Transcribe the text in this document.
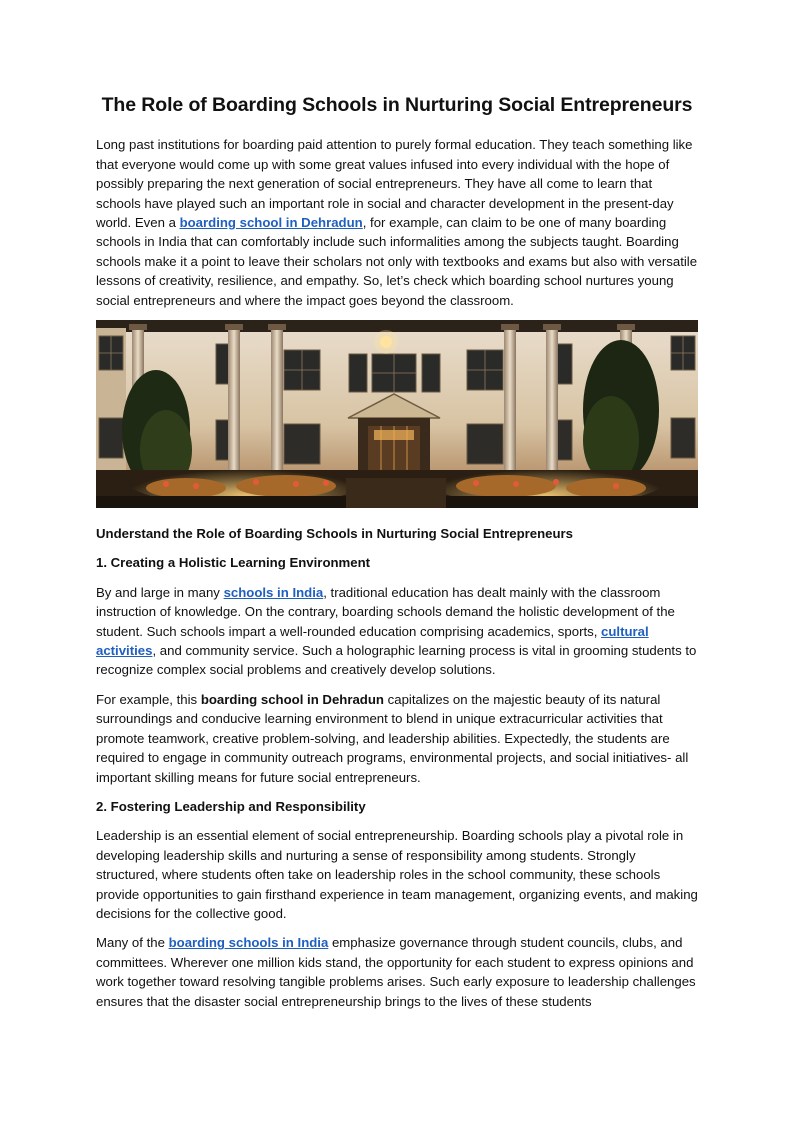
The Role of Boarding Schools in Nurturing Social Entrepreneurs

Long past institutions for boarding paid attention to purely formal education. They teach something like that everyone would come up with some great values infused into every individual with the hope of possibly preparing the next generation of social entrepreneurs. They have all come to learn that schools have played such an important role in social and character development in the present-day world. Even a boarding school in Dehradun, for example, can claim to be one of many boarding schools in India that can comfortably include such informalities among the subjects taught. Boarding schools make it a point to leave their scholars not only with textbooks and exams but also with versatile lessons of creativity, resilience, and empathy. So, let’s check which boarding school nurtures young social entrepreneurs and where the impact goes beyond the classroom.

Understand the Role of Boarding Schools in Nurturing Social Entrepreneurs

1. Creating a Holistic Learning Environment

By and large in many schools in India, traditional education has dealt mainly with the classroom instruction of knowledge. On the contrary, boarding schools demand the holistic development of the student. Such schools impart a well-rounded education comprising academics, sports, cultural activities, and community service. Such a holographic learning process is vital in grooming students to recognize complex social problems and creatively develop solutions.

For example, this boarding school in Dehradun capitalizes on the majestic beauty of its natural surroundings and conducive learning environment to blend in unique extracurricular activities that promote teamwork, creative problem-solving, and leadership abilities. Expectedly, the students are required to engage in community outreach programs, environmental projects, and social initiatives- all important skilling means for future social entrepreneurs.

2. Fostering Leadership and Responsibility

Leadership is an essential element of social entrepreneurship. Boarding schools play a pivotal role in developing leadership skills and nurturing a sense of responsibility among students. Strongly structured, where students often take on leadership roles in the school community, these schools provide opportunities to gain firsthand experience in team management, organizing events, and making decisions for the collective good.

Many of the boarding schools in India emphasize governance through student councils, clubs, and committees. Wherever one million kids stand, the opportunity for each student to express opinions and work together toward resolving tangible problems arises. Such early exposure to leadership challenges ensures that the disaster social entrepreneurship brings to the lives of these students
